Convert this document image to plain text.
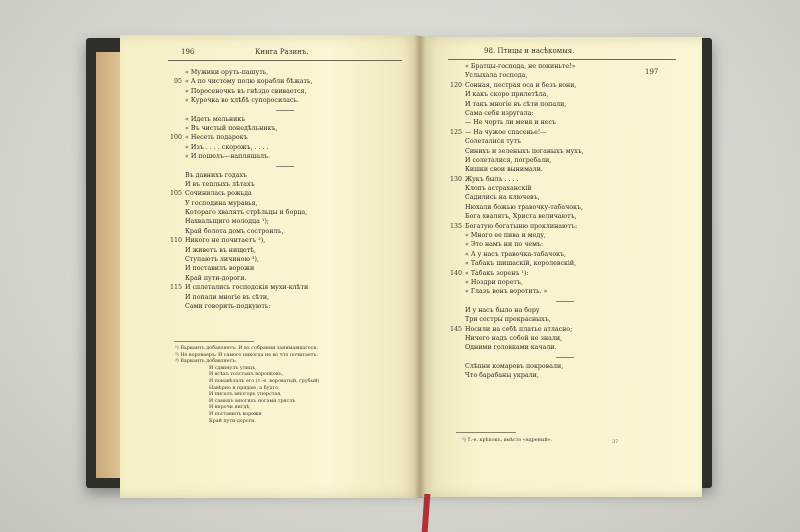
196	Книга Разинъ.
« Мужики оруть-пашуть,
95 « А по чистому полю корабли бѣжать,
« Поросеночкъ въ гнѣздо свивается,
« Курочка во хлѣбѣ супоросилась.
« Идеть мельникъ
« Въ чистый понедѣльникъ,
100 « Несеть подарокъ
« Изъ . . . . скорожъ, . . . .
« И пошелъ—напляшалъ.
Въ давнихъ годахъ
И въ теплыхъ лѣтахъ
105 Сочинилась рожьда
У господина муравья,
Котораго хвалятъ стрѣльцы и борца,
Нахвальщиго молодца ¹);
Край болота домъ состроилъ,
110 Никого не почитаетъ ²),
И живетъ въ нищетѣ,
Ступаютъ личиною ³),
И поставилъ ворожи
Край пути-дороги.
115 И сплетались господскія мухи-клѣти
И попали многіе въ сѣти,
Сами говорить-подкують:
¹) Вариантъ добавляетъ: И въ собрании занимавшагося.
²) Не вороваеръ: И самого никогда не во что почитаетъ.
³) Вариантъ добавляетъ:
И сдвинулъ улицъ,
И всѣхъ толстыхъ воронковъ,
И понавѣлалъ его (т.-е. вороватый, грубый)
Навѣрно и прядаю, а будто,
И писалъ многоръ уперстая,
И самыхъ многихъ ногами тряслъ
И впрочи нигдѣ,
И поставилъ ворожи
Край пути-дороги.
98. Птицы и насѣкомыя.
197
« Братцы-господа, не покиньте!»
Услыхала господа,
120 Сонная, пестрая оса и безъ вони,
И какъ скоро прилетѣла,
И такъ многіе въ сѣти попали,
Сама себя изругала:
— Не чорть ли меня и несъ
125 — На чужое спасенье!—
Солеталися тутъ
Синихъ и зеленыхъ поганыхъ мухъ,
И солеталися, погребали,
Кишки свои вынимали.
130 Жукъ былъ . . . .
Клопъ астраханскій
Садились на ключевъ,
Нюхали божью травочку-табачокъ,
Бога хвалятъ, Христа величаютъ,
135 Богатую богатыню проклинаютъ:
« Много ее пива и меду,
« Это намъ ни по чемъ:
« А у насъ травочка-табачокъ,
« Табакъ шишаскій, королевскій,
140 « Табакъ зоренъ ¹):
« Ноздри поретъ,
« Глазъ вонъ воротить. »
И у насъ было на бору
Три сестры прекрасныхъ,
145 Носили на себѣ платье атласно;
Ничего надъ собой не знали,
Одними головками качали.
Слѣпни комаровъ покровали,
Что барабаны украли,
¹) Т.-е. крѣпокъ, вмѣсто «ядреный».	37
